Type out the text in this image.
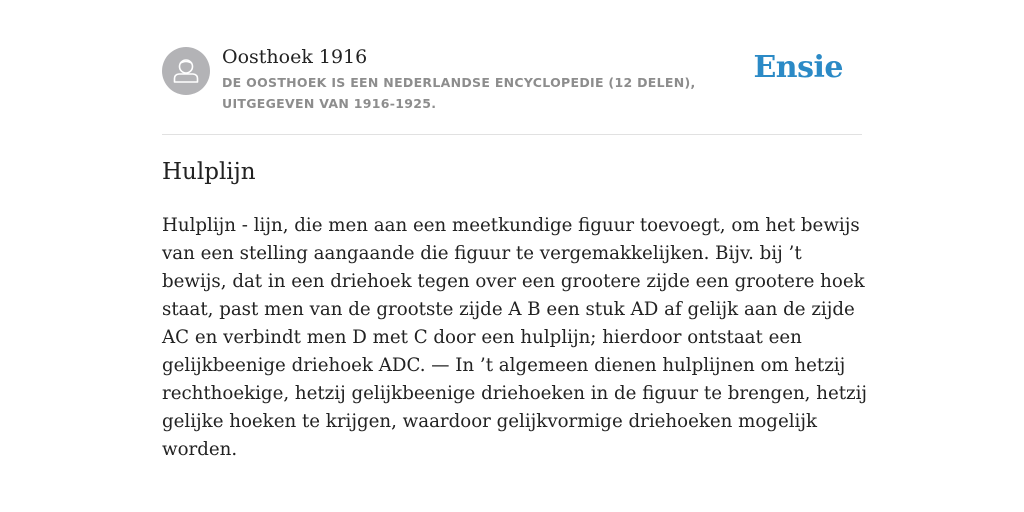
Oosthoek 1916

DE OOSTHOEK IS EEN NEDERLANDSE ENCYCLOPEDIE (12 DELEN), UITGEGEVEN VAN 1916-1925.

Ensie
Hulplijn

Hulplijn - lijn, die men aan een meetkundige figuur toevoegt, om het bewijs van een stelling aangaande die figuur te vergemakkelijken. Bijv. bij ’t bewijs, dat in een driehoek tegen over een grootere zijde een grootere hoek staat, past men van de grootste zijde A B een stuk AD af gelijk aan de zijde AC en verbindt men D met C door een hulplijn; hierdoor ontstaat een gelijkbeenige driehoek ADC. — In ’t algemeen dienen hulplijnen om hetzij rechthoekige, hetzij gelijkbeenige driehoeken in de figuur te brengen, hetzij gelijke hoeken te krijgen, waardoor gelijkvormige driehoeken mogelijk worden.
